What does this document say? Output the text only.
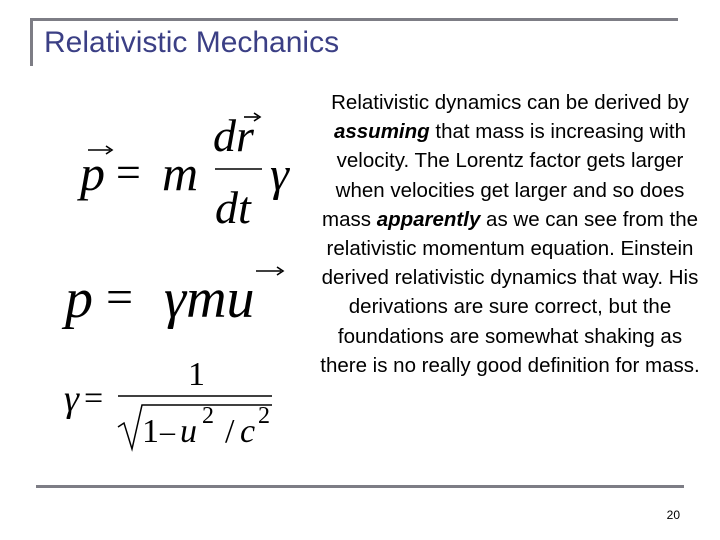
Relativistic Mechanics
p = m
dr
dt
γ
p = γmu
γ =
1
1 – u 2 / c 2
Relativistic dynamics can be derived by assuming that mass is increasing with velocity. The Lorentz factor gets larger when velocities get larger and so does mass apparently as we can see from the relativistic momentum equation. Einstein derived relativistic dynamics that way. His derivations are sure correct, but the foundations are somewhat shaking as there is no really good definition for mass.
20
